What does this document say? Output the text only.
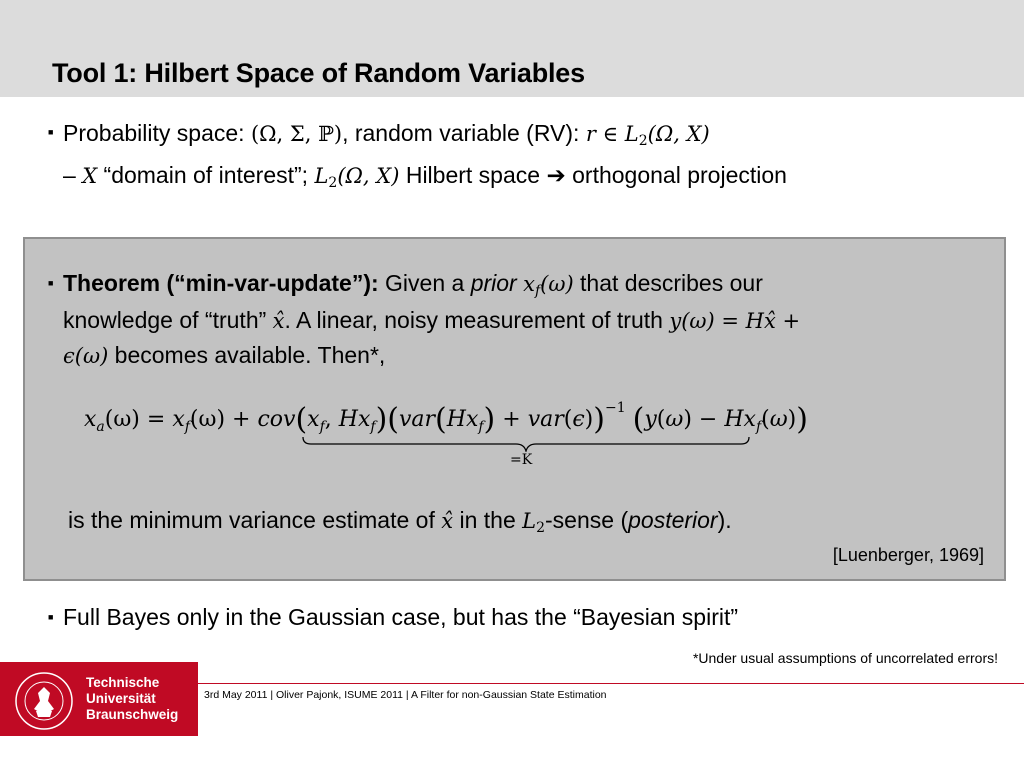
Tool 1: Hilbert Space of Random Variables
■ Probability space: (Ω, Σ, ℙ), random variable (RV): r ∈ $L_2(\Omega$, X)
– X “domain of interest”; $L_2(\Omega$, X) Hilbert space ➔ orthogonal projection
■ Theorem (“min-var-update”): Given a prior $x_f(\omega)$ that describes our
knowledge of “truth” x̂. A linear, noisy measurement of truth y(ω) = Hx̂ +
ϵ(ω) becomes available. Then*,
$x_a(\omega) = x_f(\omega) + cov(x_f$, $Hx_f)(var(Hx_f) + var(\epsilon))^{-1}$ $(y(\omega) - Hx_f(\omega))$
=K
is the minimum variance estimate of x̂ in the $L_2$-sense (posterior).
[Luenberger, 1969]
■ Full Bayes only in the Gaussian case, but has the “Bayesian spirit”
*Under usual assumptions of uncorrelated errors!
3rd May 2011 | Oliver Pajonk, ISUME 2011 | A Filter for non-Gaussian State Estimation
Technische
Universität
Braunschweig
